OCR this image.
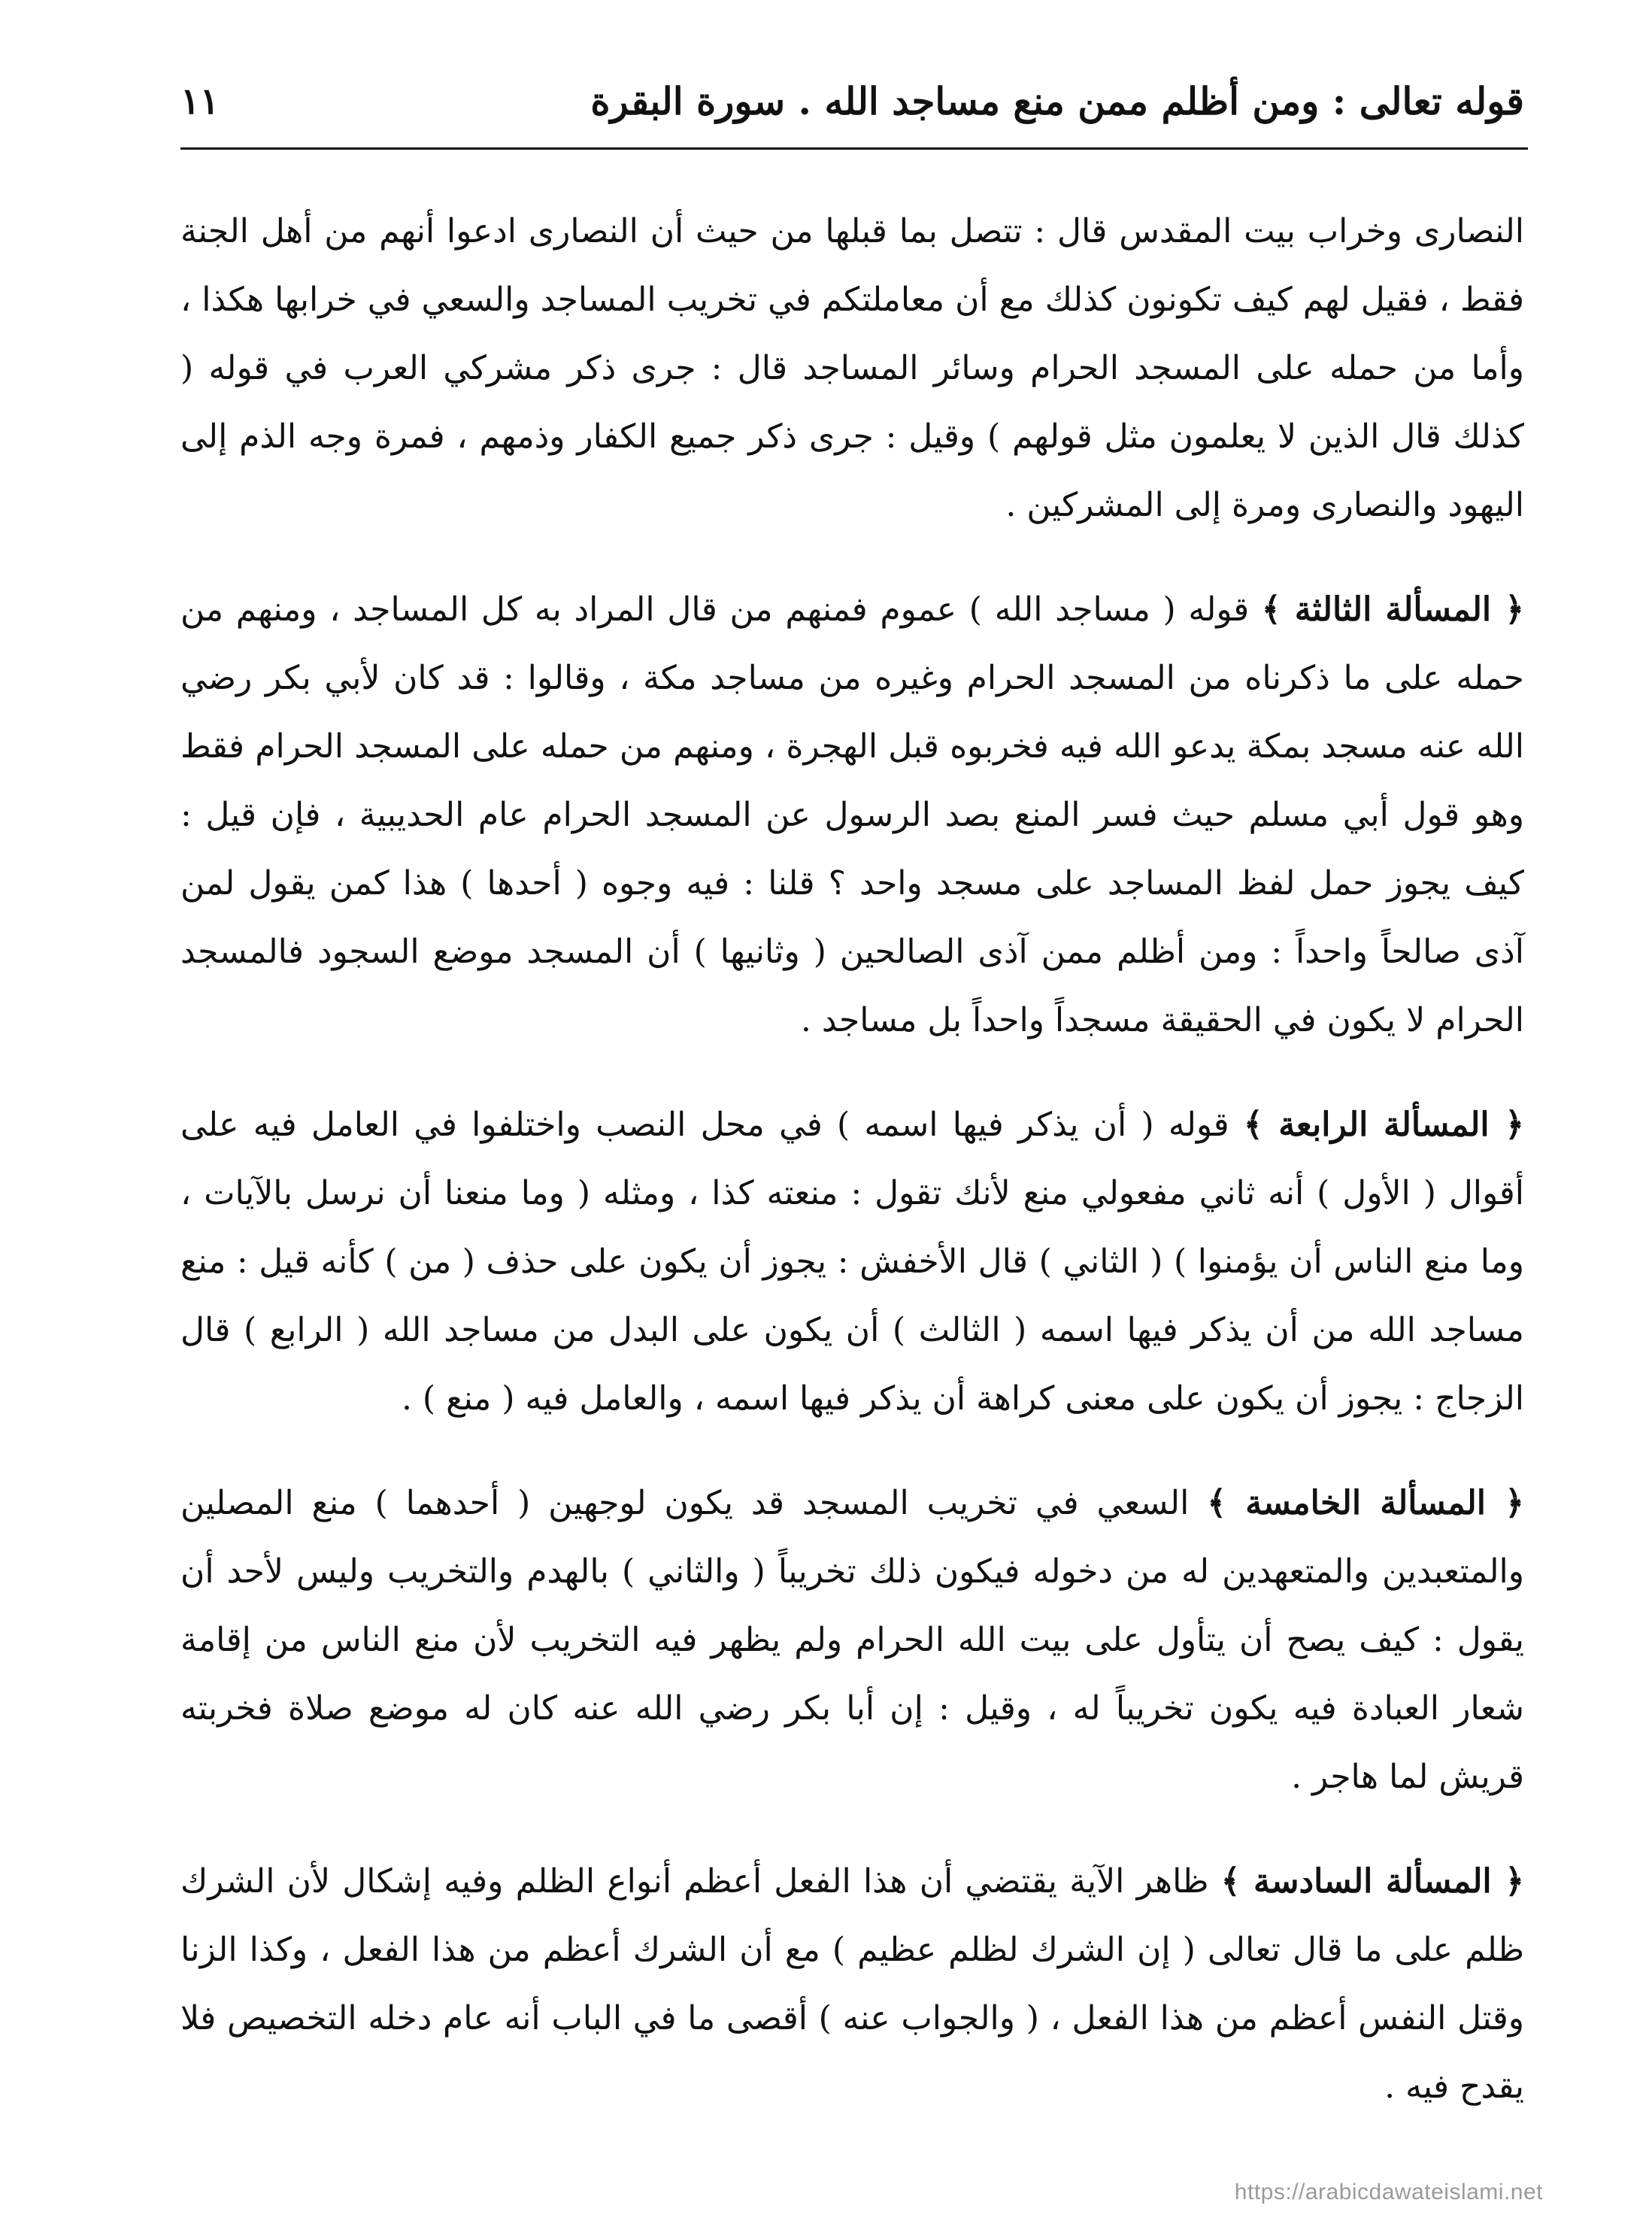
قوله تعالى : ومن أظلم ممن منع مساجد الله . سورة البقرة
١١

النصارى وخراب بيت المقدس قال : تتصل بما قبلها من حيث أن النصارى ادعوا أنهم من أهل الجنة فقط ، فقيل لهم كيف تكونون كذلك مع أن معاملتكم في تخريب المساجد والسعي في خرابها هكذا ، وأما من حمله على المسجد الحرام وسائر المساجد قال : جرى ذكر مشركي العرب في قوله ( كذلك قال الذين لا يعلمون مثل قولهم ) وقيل : جرى ذكر جميع الكفار وذمهم ، فمرة وجه الذم إلى اليهود والنصارى ومرة إلى المشركين .

﴿ المسألة الثالثة ﴾ قوله ( مساجد الله ) عموم فمنهم من قال المراد به كل المساجد ، ومنهم من حمله على ما ذكرناه من المسجد الحرام وغيره من مساجد مكة ، وقالوا : قد كان لأبي بكر رضي الله عنه مسجد بمكة يدعو الله فيه فخربوه قبل الهجرة ، ومنهم من حمله على المسجد الحرام فقط وهو قول أبي مسلم حيث فسر المنع بصد الرسول عن المسجد الحرام عام الحديبية ، فإن قيل : كيف يجوز حمل لفظ المساجد على مسجد واحد ؟ قلنا : فيه وجوه ( أحدها ) هذا كمن يقول لمن آذى صالحاً واحداً : ومن أظلم ممن آذى الصالحين ( وثانيها ) أن المسجد موضع السجود فالمسجد الحرام لا يكون في الحقيقة مسجداً واحداً بل مساجد .

﴿ المسألة الرابعة ﴾ قوله ( أن يذكر فيها اسمه ) في محل النصب واختلفوا في العامل فيه على أقوال ( الأول ) أنه ثاني مفعولي منع لأنك تقول : منعته كذا ، ومثله ( وما منعنا أن نرسل بالآيات ، وما منع الناس أن يؤمنوا ) ( الثاني ) قال الأخفش : يجوز أن يكون على حذف ( من ) كأنه قيل : منع مساجد الله من أن يذكر فيها اسمه ( الثالث ) أن يكون على البدل من مساجد الله ( الرابع ) قال الزجاج : يجوز أن يكون على معنى كراهة أن يذكر فيها اسمه ، والعامل فيه ( منع ) .

﴿ المسألة الخامسة ﴾ السعي في تخريب المسجد قد يكون لوجهين ( أحدهما ) منع المصلين والمتعبدين والمتعهدين له من دخوله فيكون ذلك تخريباً ( والثاني ) بالهدم والتخريب وليس لأحد أن يقول : كيف يصح أن يتأول على بيت الله الحرام ولم يظهر فيه التخريب لأن منع الناس من إقامة شعار العبادة فيه يكون تخريباً له ، وقيل : إن أبا بكر رضي الله عنه كان له موضع صلاة فخربته قريش لما هاجر .

﴿ المسألة السادسة ﴾ ظاهر الآية يقتضي أن هذا الفعل أعظم أنواع الظلم وفيه إشكال لأن الشرك ظلم على ما قال تعالى ( إن الشرك لظلم عظيم ) مع أن الشرك أعظم من هذا الفعل ، وكذا الزنا وقتل النفس أعظم من هذا الفعل ، ( والجواب عنه ) أقصى ما في الباب أنه عام دخله التخصيص فلا يقدح فيه .

https://arabicdawateislami.net
